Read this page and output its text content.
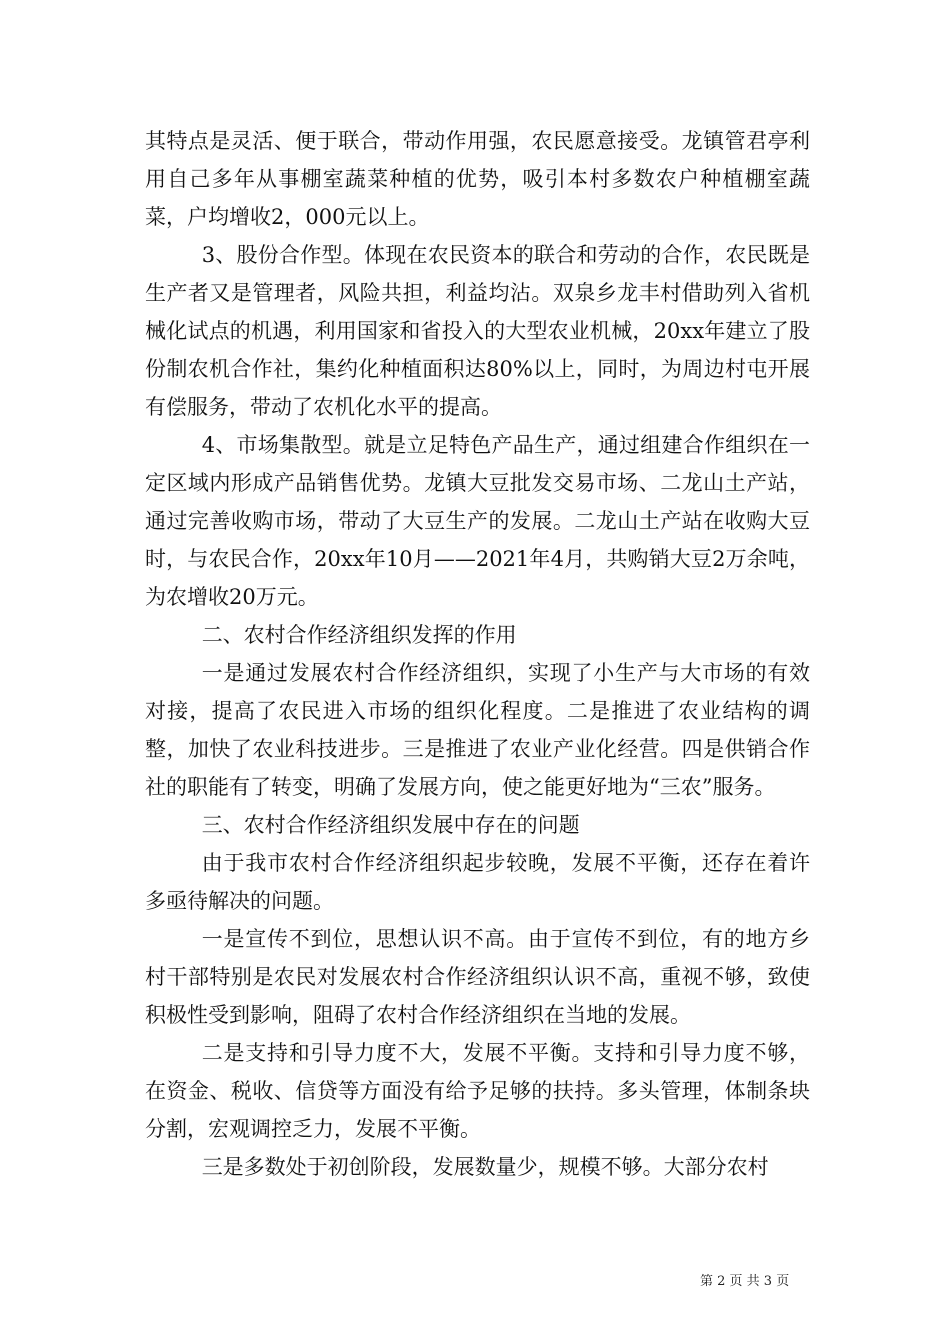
其特点是灵活、便于联合，带动作用强，农民愿意接受。龙镇管君亭利用自己多年从事棚室蔬菜种植的优势，吸引本村多数农户种植棚室蔬菜，户均增收2，000元以上。

3、股份合作型。体现在农民资本的联合和劳动的合作，农民既是生产者又是管理者，风险共担，利益均沾。双泉乡龙丰村借助列入省机械化试点的机遇，利用国家和省投入的大型农业机械，20xx年建立了股份制农机合作社，集约化种植面积达80%以上，同时，为周边村屯开展有偿服务，带动了农机化水平的提高。

4、市场集散型。就是立足特色产品生产，通过组建合作组织在一定区域内形成产品销售优势。龙镇大豆批发交易市场、二龙山土产站，通过完善收购市场，带动了大豆生产的发展。二龙山土产站在收购大豆时，与农民合作，20xx年10月——2021年4月，共购销大豆2万余吨，为农增收20万元。

二、农村合作经济组织发挥的作用

一是通过发展农村合作经济组织，实现了小生产与大市场的有效对接，提高了农民进入市场的组织化程度。二是推进了农业结构的调整，加快了农业科技进步。三是推进了农业产业化经营。四是供销合作社的职能有了转变，明确了发展方向，使之能更好地为“三农”服务。

三、农村合作经济组织发展中存在的问题

由于我市农村合作经济组织起步较晚，发展不平衡，还存在着许多亟待解决的问题。

一是宣传不到位，思想认识不高。由于宣传不到位，有的地方乡村干部特别是农民对发展农村合作经济组织认识不高，重视不够，致使积极性受到影响，阻碍了农村合作经济组织在当地的发展。

二是支持和引导力度不大，发展不平衡。支持和引导力度不够，在资金、税收、信贷等方面没有给予足够的扶持。多头管理，体制条块分割，宏观调控乏力，发展不平衡。

三是多数处于初创阶段，发展数量少，规模不够。大部分农村

第 2 页 共 3 页
